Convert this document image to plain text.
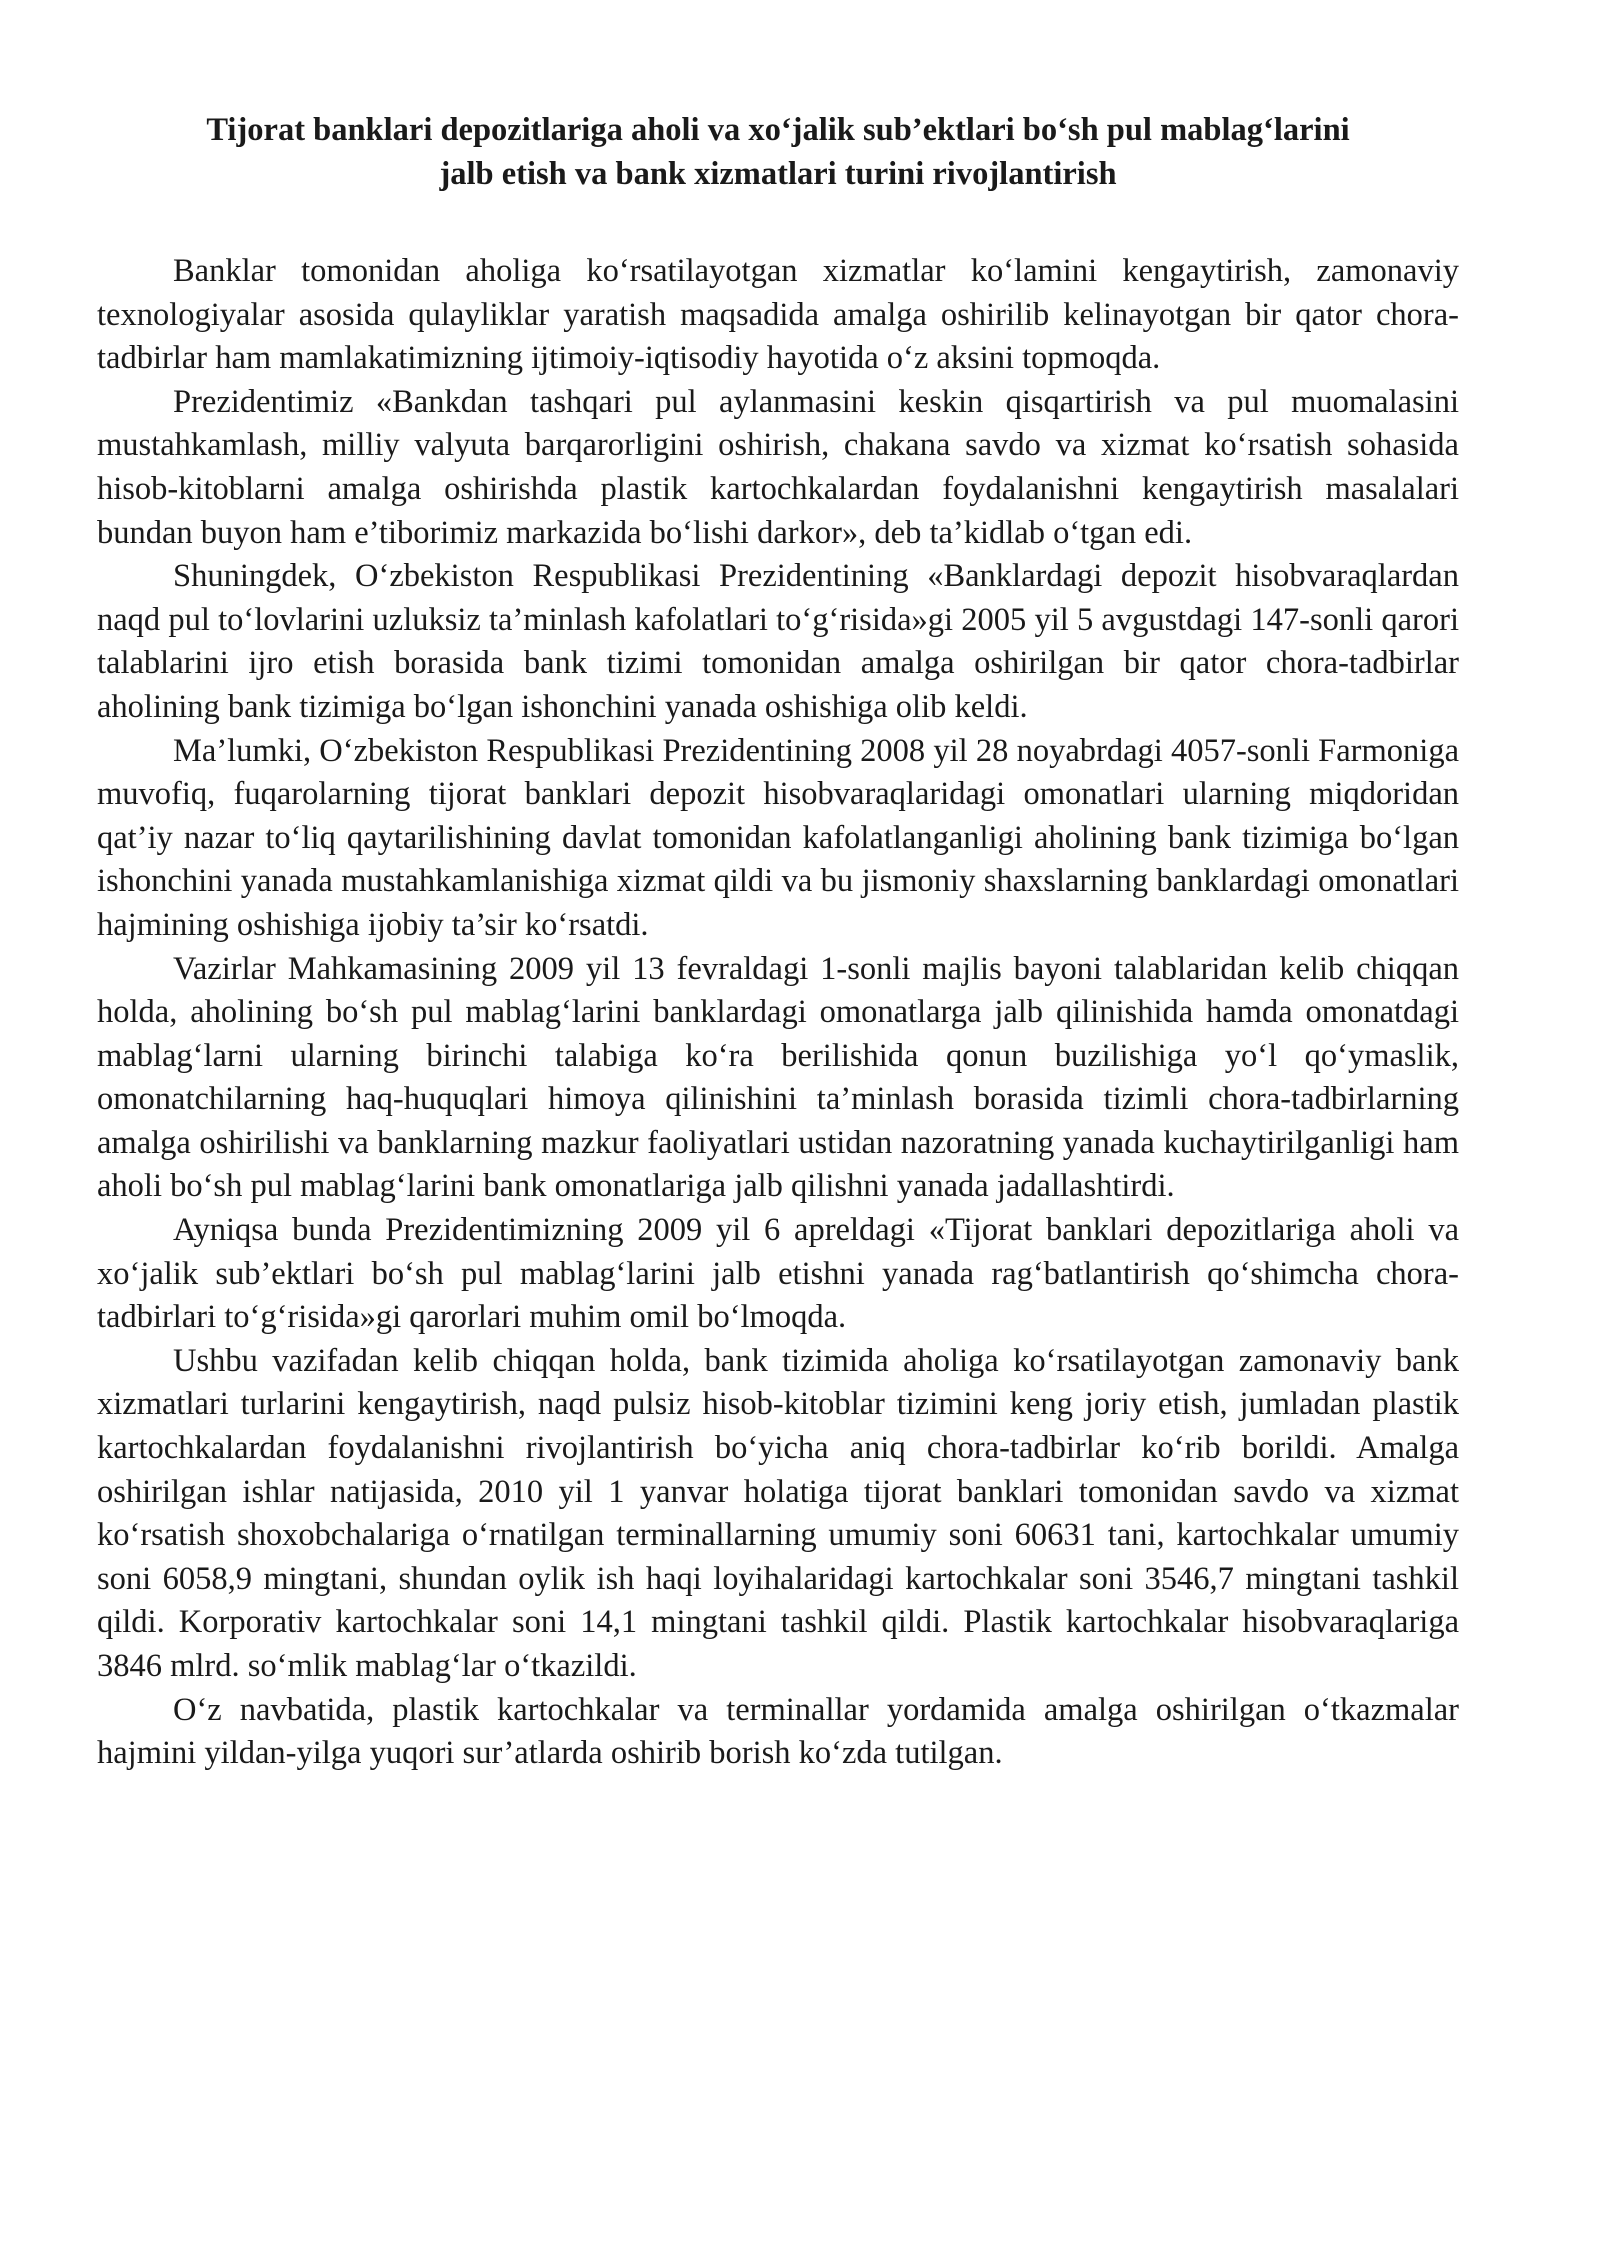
Tijorat banklari depozitlariga aholi va xo‘jalik sub’ektlari bo‘sh pul mablag‘larini
jalb etish va bank xizmatlari turini rivojlantirish

Banklar tomonidan aholiga ko‘rsatilayotgan xizmatlar ko‘lamini kengaytirish, zamonaviy texnologiyalar asosida qulayliklar yaratish maqsadida amalga oshirilib kelinayotgan bir qator chora-tadbirlar ham mamlakatimizning ijtimoiy-iqtisodiy hayotida o‘z aksini topmoqda.

Prezidentimiz «Bankdan tashqari pul aylanmasini keskin qisqartirish va pul muomalasini mustahkamlash, milliy valyuta barqarorligini oshirish, chakana savdo va xizmat ko‘rsatish sohasida hisob-kitoblarni amalga oshirishda plastik kartochkalardan foydalanishni kengaytirish masalalari bundan buyon ham e’tiborimiz markazida bo‘lishi darkor», deb ta’kidlab o‘tgan edi.

Shuningdek, O‘zbekiston Respublikasi Prezidentining «Banklardagi depozit hisobvaraqlardan naqd pul to‘lovlarini uzluksiz ta’minlash kafolatlari to‘g‘risida»gi 2005 yil 5 avgustdagi 147-sonli qarori talablarini ijro etish borasida bank tizimi tomonidan amalga oshirilgan bir qator chora-tadbirlar aholining bank tizimiga bo‘lgan ishonchini yanada oshishiga olib keldi.

Ma’lumki, O‘zbekiston Respublikasi Prezidentining 2008 yil 28 noyabrdagi 4057-sonli Farmoniga muvofiq, fuqarolarning tijorat banklari depozit hisobvaraqlaridagi omonatlari ularning miqdoridan qat’iy nazar to‘liq qaytarilishining davlat tomonidan kafolatlanganligi aholining bank tizimiga bo‘lgan ishonchini yanada mustahkamlanishiga xizmat qildi va bu jismoniy shaxslarning banklardagi omonatlari hajmining oshishiga ijobiy ta’sir ko‘rsatdi.

Vazirlar Mahkamasining 2009 yil 13 fevraldagi 1-sonli majlis bayoni talablaridan kelib chiqqan holda, aholining bo‘sh pul mablag‘larini banklardagi omonatlarga jalb qilinishida hamda omonatdagi mablag‘larni ularning birinchi talabiga ko‘ra berilishida qonun buzilishiga yo‘l qo‘ymaslik, omonatchilarning haq-huquqlari himoya qilinishini ta’minlash borasida tizimli chora-tadbirlarning amalga oshirilishi va banklarning mazkur faoliyatlari ustidan nazoratning yanada kuchaytirilganligi ham aholi bo‘sh pul mablag‘larini bank omonatlariga jalb qilishni yanada jadallashtirdi.

Ayniqsa bunda Prezidentimizning 2009 yil 6 apreldagi «Tijorat banklari depozitlariga aholi va xo‘jalik sub’ektlari bo‘sh pul mablag‘larini jalb etishni yanada rag‘batlantirish qo‘shimcha chora-tadbirlari to‘g‘risida»gi qarorlari muhim omil bo‘lmoqda.

Ushbu vazifadan kelib chiqqan holda, bank tizimida aholiga ko‘rsatilayotgan zamonaviy bank xizmatlari turlarini kengaytirish, naqd pulsiz hisob-kitoblar tizimini keng joriy etish, jumladan plastik kartochkalardan foydalanishni rivojlantirish bo‘yicha aniq chora-tadbirlar ko‘rib borildi. Amalga oshirilgan ishlar natijasida, 2010 yil 1 yanvar holatiga tijorat banklari tomonidan savdo va xizmat ko‘rsatish shoxobchalariga o‘rnatilgan terminallarning umumiy soni 60631 tani, kartochkalar umumiy soni 6058,9 mingtani, shundan oylik ish haqi loyihalaridagi kartochkalar soni 3546,7 mingtani tashkil qildi. Korporativ kartochkalar soni 14,1 mingtani tashkil qildi. Plastik kartochkalar hisobvaraqlariga 3846 mlrd. so‘mlik mablag‘lar o‘tkazildi.

O‘z navbatida, plastik kartochkalar va terminallar yordamida amalga oshirilgan o‘tkazmalar hajmini yildan-yilga yuqori sur’atlarda oshirib borish ko‘zda tutilgan.
